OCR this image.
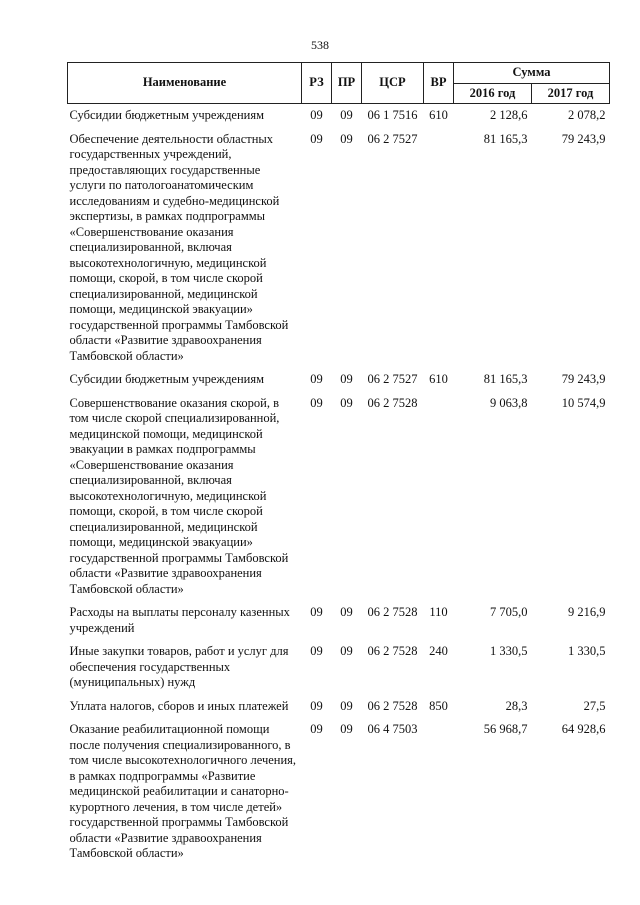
538
Наименование	РЗ	ПР	ЦСР	ВР	Сумма	
					2016 год	2017 год
Субсидии бюджетным учреждениям	09	09	06 1 7516	610	2 128,6	2 078,2
Обеспечение деятельности областных государственных учреждений, предоставляющих государственные услуги по патологоанатомическим исследованиям и судебно-медицинской экспертизы, в рамках подпрограммы «Совершенствование оказания специализированной, включая высокотехнологичную, медицинской помощи, скорой, в том числе скорой специализированной, медицинской помощи, медицинской эвакуации» государственной программы Тамбовской области «Развитие здравоохранения Тамбовской области»	09	09	06 2 7527		81 165,3	79 243,9
Субсидии бюджетным учреждениям	09	09	06 2 7527	610	81 165,3	79 243,9
Совершенствование оказания скорой, в том числе скорой специализированной, медицинской помощи, медицинской эвакуации в рамках подпрограммы «Совершенствование оказания специализированной, включая высокотехнологичную, медицинской помощи, скорой, в том числе скорой специализированной, медицинской помощи, медицинской эвакуации» государственной программы Тамбовской области «Развитие здравоохранения Тамбовской области»	09	09	06 2 7528		9 063,8	10 574,9
Расходы на выплаты персоналу казенных учреждений	09	09	06 2 7528	110	7 705,0	9 216,9
Иные закупки товаров, работ и услуг для обеспечения государственных (муниципальных) нужд	09	09	06 2 7528	240	1 330,5	1 330,5
Уплата налогов, сборов и иных платежей	09	09	06 2 7528	850	28,3	27,5
Оказание реабилитационной помощи после получения специализированного, в том числе высокотехнологичного лечения, в рамках подпрограммы «Развитие медицинской реабилитации и санаторно-курортного лечения, в том числе детей» государственной программы Тамбовской области «Развитие здравоохранения Тамбовской области»	09	09	06 4 7503		56 968,7	64 928,6
